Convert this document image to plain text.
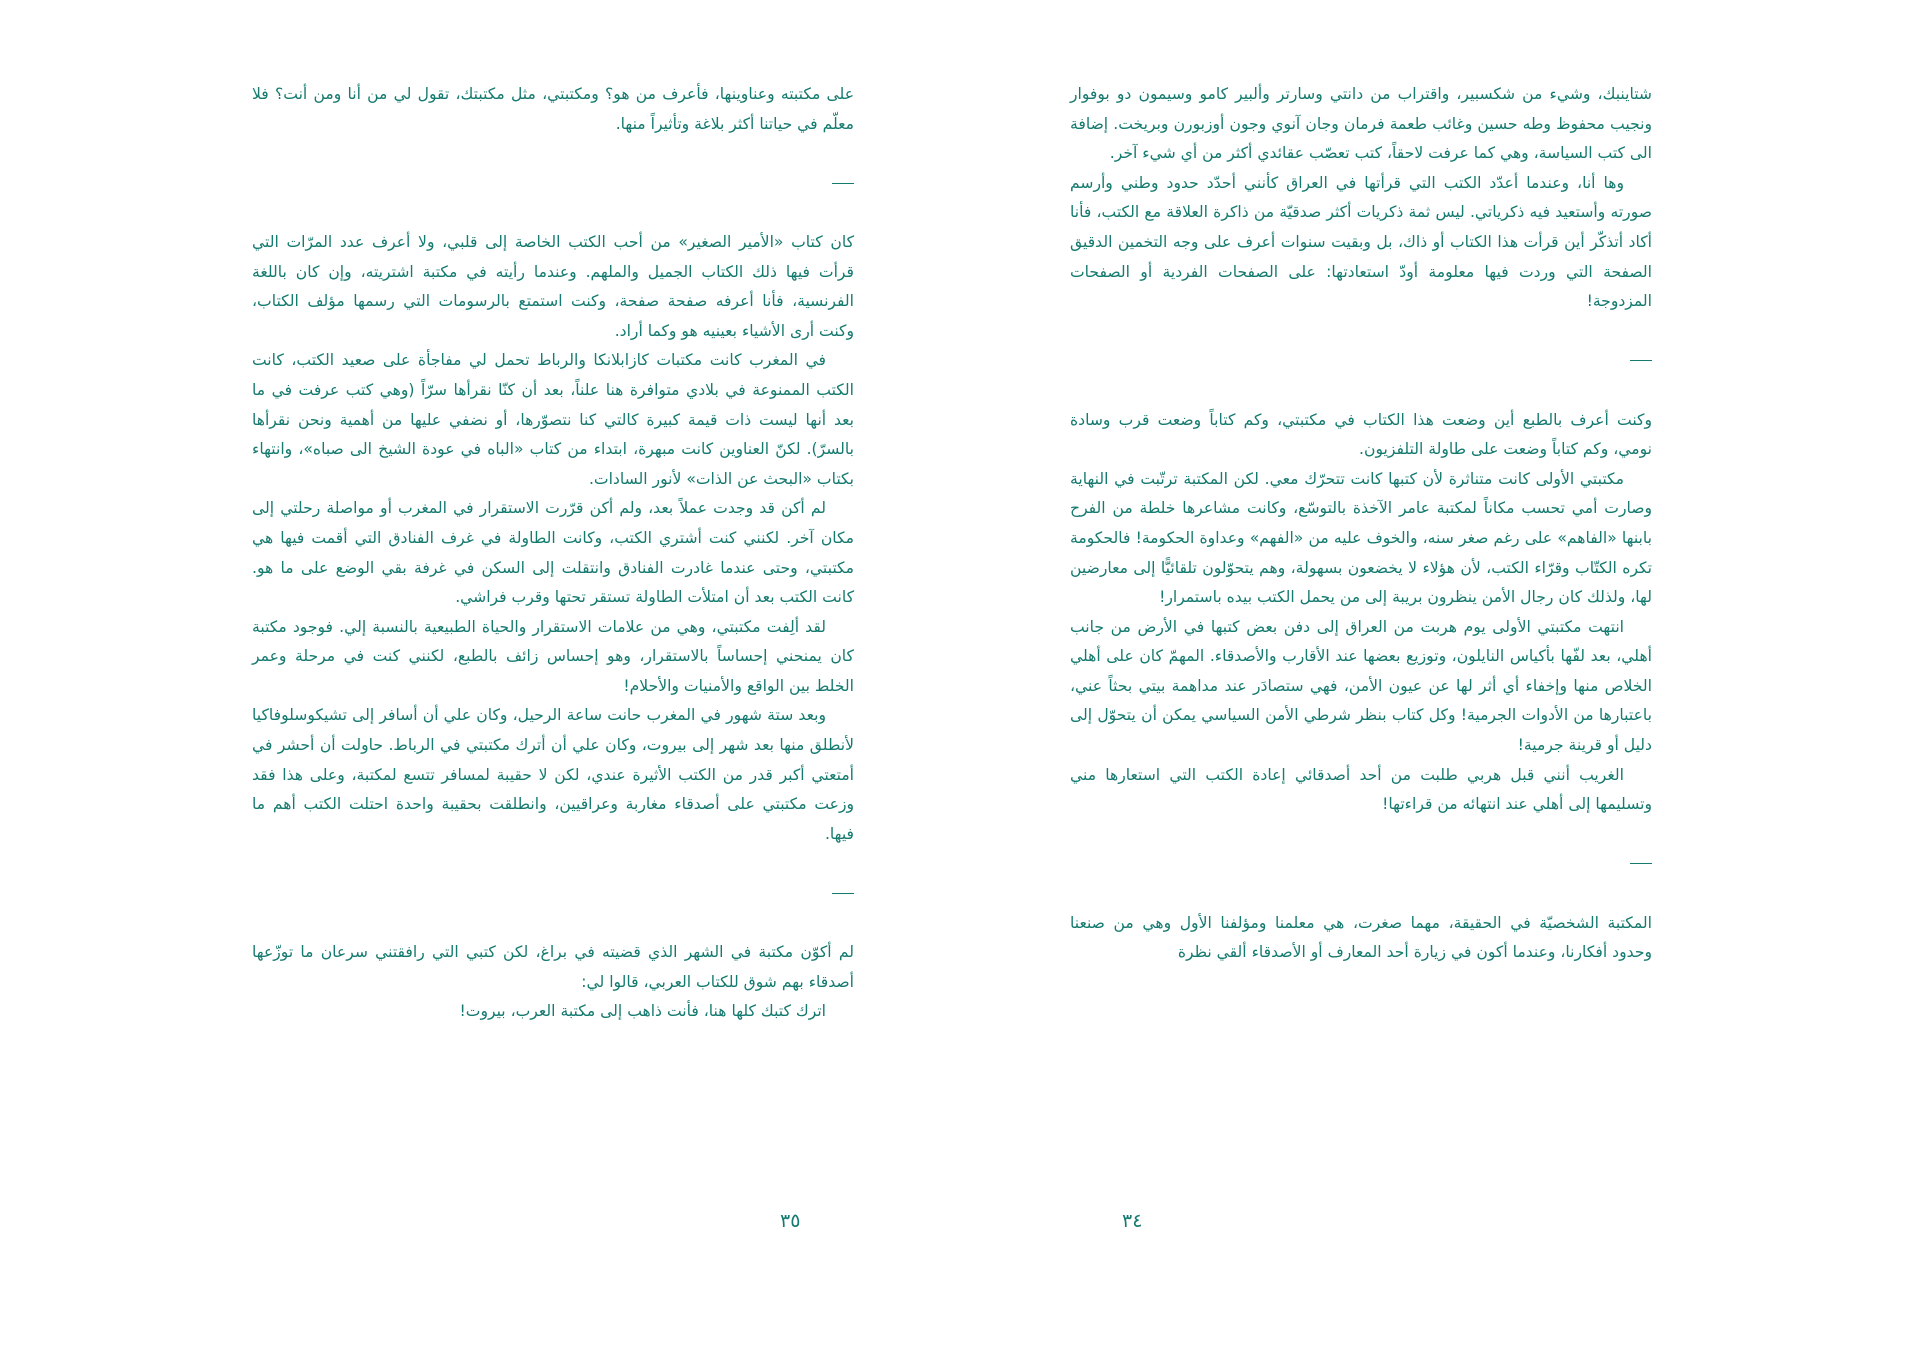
على مكتبته وعناوينها، فأعرف من هو؟ ومكتبتي، مثل مكتبتك، تقول لي من أنا ومن أنت؟ فلا معلّم في حياتنا أكثر بلاغة وتأثيراً منها.

كان كتاب «الأمير الصغير» من أحب الكتب الخاصة إلى قلبي، ولا أعرف عدد المرّات التي قرأت فيها ذلك الكتاب الجميل والملهم. وعندما رأيته في مكتبة اشتريته، وإن كان باللغة الفرنسية، فأنا أعرفه صفحة صفحة، وكنت استمتع بالرسومات التي رسمها مؤلف الكتاب، وكنت أرى الأشياء بعينيه هو وكما أراد.

في المغرب كانت مكتبات كازابلانكا والرباط تحمل لي مفاجأة على صعيد الكتب، كانت الكتب الممنوعة في بلادي متوافرة هنا علناً، بعد أن كنّا نقرأها سرّاً (وهي كتب عرفت في ما بعد أنها ليست ذات قيمة كبيرة كالتي كنا نتصوّرها، أو نضفي عليها من أهمية ونحن نقرأها بالسرّ). لكنّ العناوين كانت مبهرة، ابتداء من كتاب «الباه في عودة الشيخ الى صباه»، وانتهاء بكتاب «البحث عن الذات» لأنور السادات.

لم أكن قد وجدت عملاً بعد، ولم أكن قرّرت الاستقرار في المغرب أو مواصلة رحلتي إلى مكان آخر. لكنني كنت أشتري الكتب، وكانت الطاولة في غرف الفنادق التي أقمت فيها هي مكتبتي، وحتى عندما غادرت الفنادق وانتقلت إلى السكن في غرفة بقي الوضع على ما هو. كانت الكتب بعد أن امتلأت الطاولة تستقر تحتها وقرب فراشي.

لقد ألِفت مكتبتي، وهي من علامات الاستقرار والحياة الطبيعية بالنسبة إلي. فوجود مكتبة كان يمنحني إحساساً بالاستقرار، وهو إحساس زائف بالطبع، لكنني كنت في مرحلة وعمر الخلط بين الواقع والأمنيات والأحلام!

وبعد ستة شهور في المغرب حانت ساعة الرحيل، وكان علي أن أسافر إلى تشيكوسلوفاكيا لأنطلق منها بعد شهر إلى بيروت، وكان علي أن أترك مكتبتي في الرباط. حاولت أن أحشر في أمتعتي أكبر قدر من الكتب الأثيرة عندي، لكن لا حقيبة لمسافر تتسع لمكتبة، وعلى هذا فقد وزعت مكتبتي على أصدقاء مغاربة وعراقيين، وانطلقت بحقيبة واحدة احتلت الكتب أهم ما فيها.

لم أكوّن مكتبة في الشهر الذي قضيته في براغ، لكن كتبي التي رافقتني سرعان ما توزّعها أصدقاء بهم شوق للكتاب العربي، قالوا لي:

اترك كتبك كلها هنا، فأنت ذاهب إلى مكتبة العرب، بيروت!

٣٥

شتاينبك، وشيء من شكسبير، واقتراب من دانتي وسارتر وألبير كامو وسيمون دو بوفوار ونجيب محفوظ وطه حسين وغائب طعمة فرمان وجان آنوي وجون أوزبورن وبريخت. إضافة الى كتب السياسة، وهي كما عرفت لاحقاً، كتب تعصّب عقائدي أكثر من أي شيء آخر.

وها أنا، وعندما أعدّد الكتب التي قرأتها في العراق كأنني أحدّد حدود وطني وأرسم صورته وأستعيد فيه ذكرياتي. ليس ثمة ذكريات أكثر صدقيّة من ذاكرة العلاقة مع الكتب، فأنا أكاد أتذكّر أين قرأت هذا الكتاب أو ذاك، بل وبقيت سنوات أعرف على وجه التخمين الدقيق الصفحة التي وردت فيها معلومة أودّ استعادتها: على الصفحات الفردية أو الصفحات المزدوجة!

وكنت أعرف بالطبع أين وضعت هذا الكتاب في مكتبتي، وكم كتاباً وضعت قرب وسادة نومي، وكم كتاباً وضعت على طاولة التلفزيون.

مكتبتي الأولى كانت متناثرة لأن كتبها كانت تتحرّك معي. لكن المكتبة ترتّبت في النهاية وصارت أمي تحسب مكاناً لمكتبة عامر الآخذة بالتوسّع، وكانت مشاعرها خلطة من الفرح بابنها «الفاهم» على رغم صغر سنه، والخوف عليه من «الفهم» وعداوة الحكومة! فالحكومة تكره الكتّاب وقرّاء الكتب، لأن هؤلاء لا يخضعون بسهولة، وهم يتحوّلون تلقائيًّا إلى معارضين لها، ولذلك كان رجال الأمن ينظرون بريبة إلى من يحمل الكتب بيده باستمرار!

انتهت مكتبتي الأولى يوم هربت من العراق إلى دفن بعض كتبها في الأرض من جانب أهلي، بعد لفّها بأكياس النايلون، وتوزيع بعضها عند الأقارب والأصدقاء. المهمّ كان على أهلي الخلاص منها وإخفاء أي أثر لها عن عيون الأمن، فهي ستصادَر عند مداهمة بيتي بحثاً عني، باعتبارها من الأدوات الجرمية! وكل كتاب بنظر شرطي الأمن السياسي يمكن أن يتحوّل إلى دليل أو قرينة جرمية!

الغريب أنني قبل هربي طلبت من أحد أصدقائي إعادة الكتب التي استعارها مني وتسليمها إلى أهلي عند انتهائه من قراءتها!

المكتبة الشخصيّة في الحقيقة، مهما صغرت، هي معلمنا ومؤلفنا الأول وهي من صنعنا وحدود أفكارنا، وعندما أكون في زيارة أحد المعارف أو الأصدقاء ألقي نظرة

٣٤
